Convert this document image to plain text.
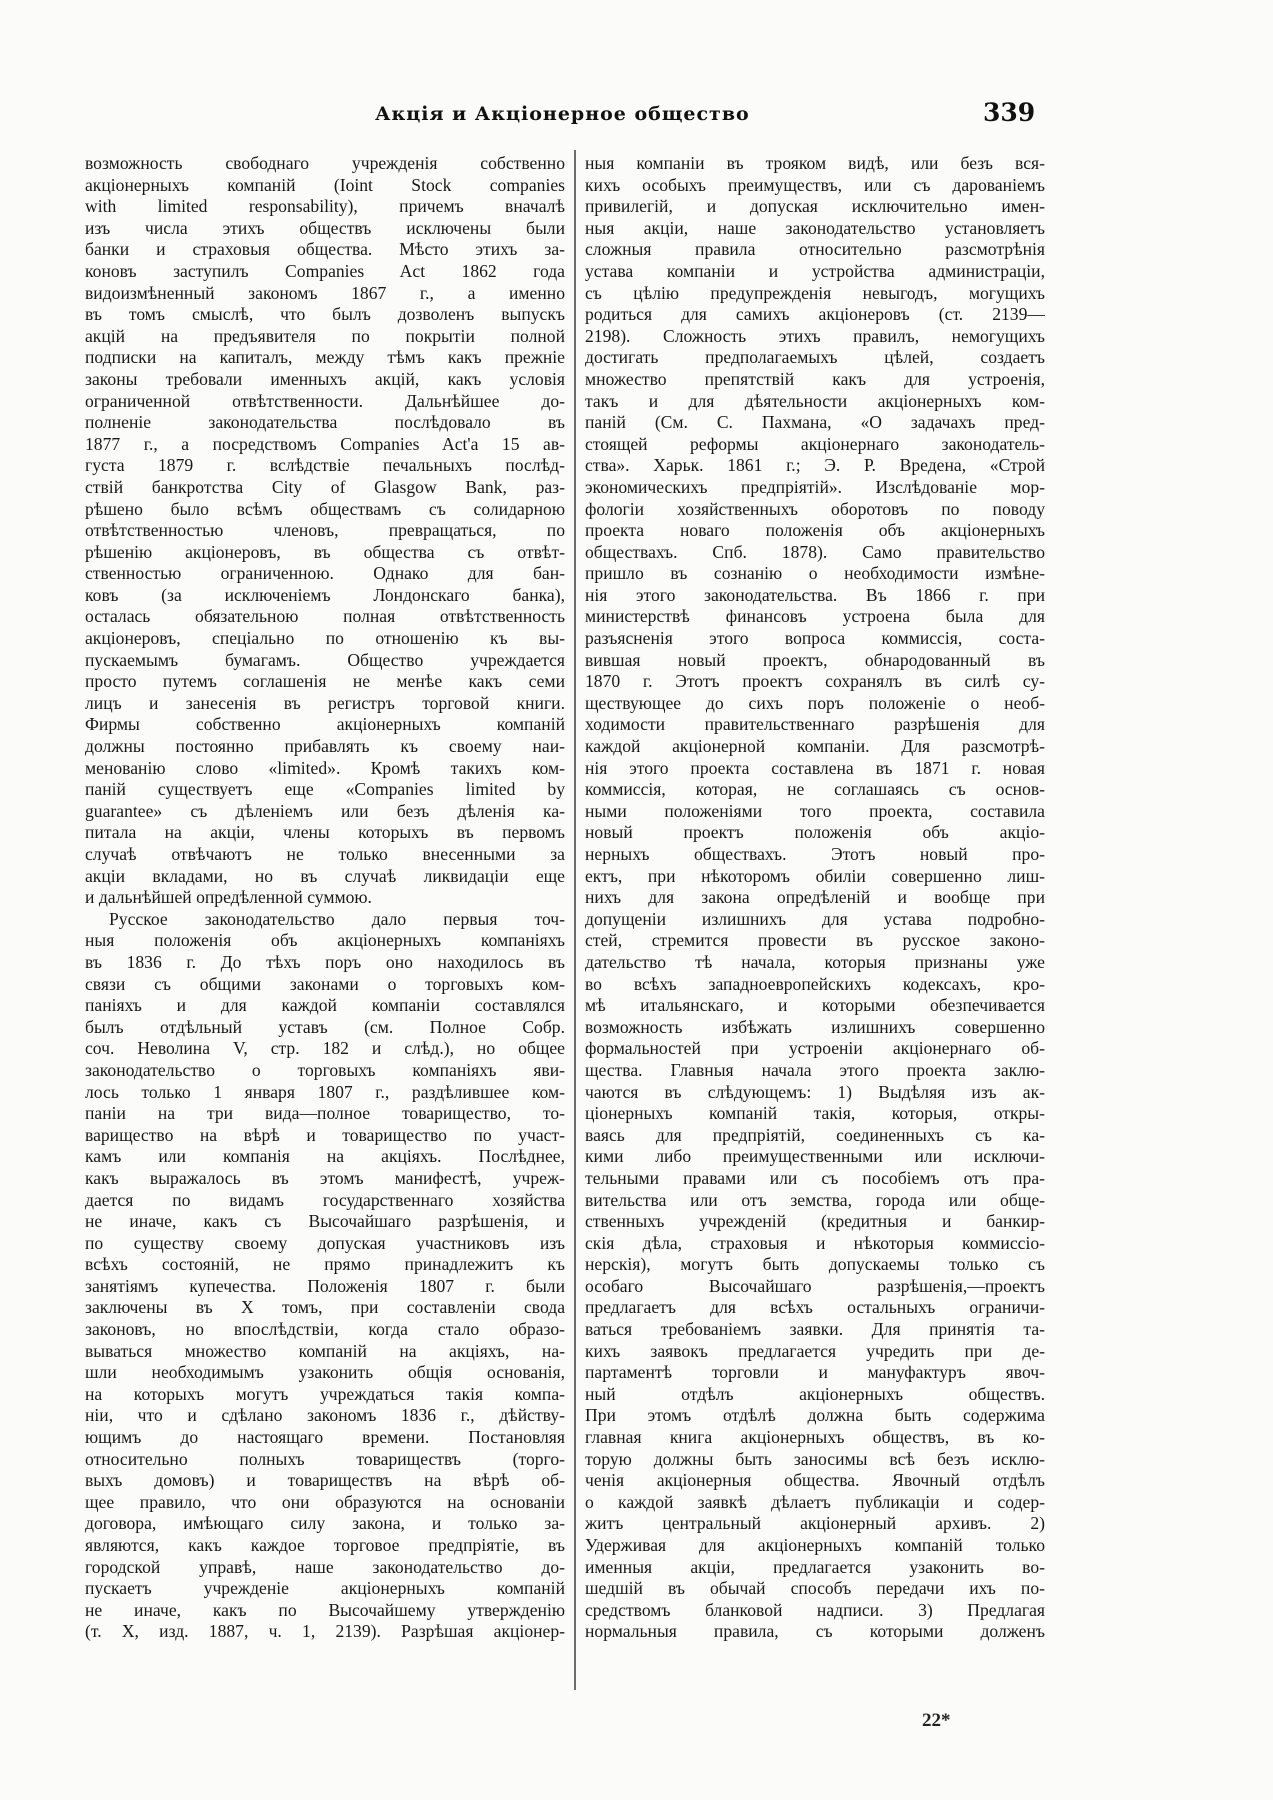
Акція и Акціонерное общество	339
возможность свободнаго учрежденія собственно
акціонерныхъ компаній (Ioint Stock companies
with limited responsability), причемъ вначалѣ
изъ числа этихъ обществъ исключены были
банки и страховыя общества. Мѣсто этихъ за-
коновъ заступилъ Companies Act 1862 года
видоизмѣненный закономъ 1867 г., а именно
въ томъ смыслѣ, что былъ дозволенъ выпускъ
акцій на предъявителя по покрытіи полной
подписки на капиталъ, между тѣмъ какъ прежніе
законы требовали именныхъ акцій, какъ условія
ограниченной отвѣтственности. Дальнѣйшее до-
полненіе законодательства послѣдовало въ
1877 г., а посредствомъ Companies Act'а 15 ав-
густа 1879 г. вслѣдствіе печальныхъ послѣд-
ствій банкротства City of Glasgow Bank, раз-
рѣшено было всѣмъ обществамъ съ солидарною
отвѣтственностью членовъ, превращаться, по
рѣшенію акціонеровъ, въ общества съ отвѣт-
ственностью ограниченною. Однако для бан-
ковъ (за исключеніемъ Лондонскаго банка),
осталась обязательною полная отвѣтственность
акціонеровъ, спеціально по отношенію къ вы-
пускаемымъ бумагамъ. Общество учреждается
просто путемъ соглашенія не менѣе какъ семи
лицъ и занесенія въ регистръ торговой книги.
Фирмы собственно акціонерныхъ компаній
должны постоянно прибавлять къ своему наи-
менованію слово «limited». Кромѣ такихъ ком-
паній существуетъ еще «Companies limited by
guarantee» съ дѣленіемъ или безъ дѣленія ка-
питала на акціи, члены которыхъ въ первомъ
случаѣ отвѣчаютъ не только внесенными за
акціи вкладами, но въ случаѣ ликвидаціи еще
и дальнѣйшей опредѣленной суммою.
Русское законодательство дало первыя точ-
ныя положенія объ акціонерныхъ компаніяхъ
въ 1836 г. До тѣхъ поръ оно находилось въ
связи съ общими законами о торговыхъ ком-
паніяхъ и для каждой компаніи составлялся
былъ отдѣльный уставъ (см. Полное Собр.
соч. Неволина V, стр. 182 и слѣд.), но общее
законодательство о торговыхъ компаніяхъ яви-
лось только 1 января 1807 г., раздѣлившее ком-
паніи на три вида—полное товарищество, то-
варищество на вѣрѣ и товарищество по участ-
камъ или компанія на акціяхъ. Послѣднее,
какъ выражалось въ этомъ манифестѣ, учреж-
дается по видамъ государственнаго хозяйства
не иначе, какъ съ Высочайшаго разрѣшенія, и
по существу своему допуская участниковъ изъ
всѣхъ состояній, не прямо принадлежитъ къ
занятіямъ купечества. Положенія 1807 г. были
заключены въ X томъ, при составленіи свода
законовъ, но впослѣдствіи, когда стало образо-
вываться множество компаній на акціяхъ, на-
шли необходимымъ узаконить общія основанія,
на которыхъ могутъ учреждаться такія компа-
ніи, что и сдѣлано закономъ 1836 г., дѣйству-
ющимъ до настоящаго времени. Постановляя
относительно полныхъ товариществъ (торго-
выхъ домовъ) и товариществъ на вѣрѣ об-
щее правило, что они образуются на основаніи
договора, имѣющаго силу закона, и только за-
являются, какъ каждое торговое предпріятіе, въ
городской управѣ, наше законодательство до-
пускаетъ учрежденіе акціонерныхъ компаній
не иначе, какъ по Высочайшему утвержденію
(т. X, изд. 1887, ч. 1, 2139). Разрѣшая акціонер-
ныя компаніи въ трояком видѣ, или безъ вся-
кихъ особыхъ преимуществъ, или съ дарованіемъ
привилегій, и допуская исключительно имен-
ныя акціи, наше законодательство установляетъ
сложныя правила относительно разсмотрѣнія
устава компаніи и устройства администраціи,
съ цѣлію предупрежденія невыгодъ, могущихъ
родиться для самихъ акціонеровъ (ст. 2139—
2198). Сложность этихъ правилъ, немогущихъ
достигать предполагаемыхъ цѣлей, создаетъ
множество препятствій какъ для устроенія,
такъ и для дѣятельности акціонерныхъ ком-
паній (См. С. Пахмана, «О задачахъ пред-
стоящей реформы акціонернаго законодатель-
ства». Харьк. 1861 г.; Э. Р. Вредена, «Строй
экономическихъ предпріятій». Изслѣдованіе мор-
фологіи хозяйственныхъ оборотовъ по поводу
проекта новаго положенія объ акціонерныхъ
обществахъ. Спб. 1878). Само правительство
пришло въ сознанію о необходимости измѣне-
нія этого законодательства. Въ 1866 г. при
министерствѣ финансовъ устроена была для
разъясненія этого вопроса коммиссія, соста-
вившая новый проектъ, обнародованный въ
1870 г. Этотъ проектъ сохранялъ въ силѣ су-
ществующее до сихъ поръ положеніе о необ-
ходимости правительственнаго разрѣшенія для
каждой акціонерной компаніи. Для разсмотрѣ-
нія этого проекта составлена въ 1871 г. новая
коммиссія, которая, не соглашаясь съ основ-
ными положеніями того проекта, составила
новый проектъ положенія объ акціо-
нерныхъ обществахъ. Этотъ новый про-
ектъ, при нѣкоторомъ обиліи совершенно лиш-
нихъ для закона опредѣленій и вообще при
допущеніи излишнихъ для устава подробно-
стей, стремится провести въ русское законо-
дательство тѣ начала, которыя признаны уже
во всѣхъ западноевропейскихъ кодексахъ, кро-
мѣ итальянскаго, и которыми обезпечивается
возможность избѣжать излишнихъ совершенно
формальностей при устроеніи акціонернаго об-
щества. Главныя начала этого проекта заклю-
чаются въ слѣдующемъ: 1) Выдѣляя изъ ак-
ціонерныхъ компаній такія, которыя, откры-
ваясь для предпріятій, соединенныхъ съ ка-
кими либо преимущественными или исключи-
тельными правами или съ пособіемъ отъ пра-
вительства или отъ земства, города или обще-
ственныхъ учрежденій (кредитныя и банкир-
скія дѣла, страховыя и нѣкоторыя коммиссіо-
нерскія), могутъ быть допускаемы только съ
особаго Высочайшаго разрѣшенія,—проектъ
предлагаетъ для всѣхъ остальныхъ ограничи-
ваться требованіемъ заявки. Для принятія та-
кихъ заявокъ предлагается учредить при де-
партаментѣ торговли и мануфактуръ явоч-
ный отдѣлъ акціонерныхъ обществъ.
При этомъ отдѣлѣ должна быть содержима
главная книга акціонерныхъ обществъ, въ ко-
торую должны быть заносимы всѣ безъ исклю-
ченія акціонерныя общества. Явочный отдѣлъ
о каждой заявкѣ дѣлаетъ публикаціи и содер-
житъ центральный акціонерный архивъ. 2)
Удерживая для акціонерныхъ компаній только
именныя акціи, предлагается узаконить во-
шедшій въ обычай способъ передачи ихъ по-
средствомъ бланковой надписи. 3) Предлагая
нормальныя правила, съ которыми долженъ
22*
